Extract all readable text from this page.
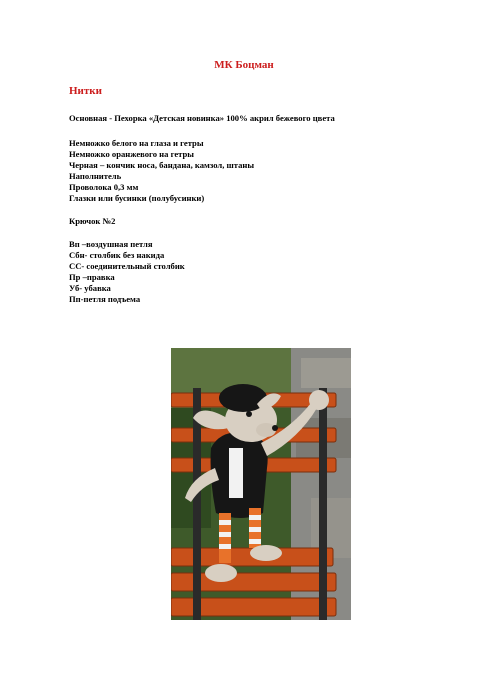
МК Боцман
Нитки
Основная - Пехорка «Детская новинка» 100% акрил бежевого цвета
Немножко белого на глаза и гетры
Немножко оранжевого на гетры
Черная – кончик носа, бандана, камзол, штаны
Наполнитель
Проволока 0,3 мм
Глазки или бусинки (полубусинки)
Крючок №2
Вп –воздушная петля
Сбн- столбик без накида
СС- соединительный столбик
Пр –правка
Уб- убавка
Пп-петля подъема
